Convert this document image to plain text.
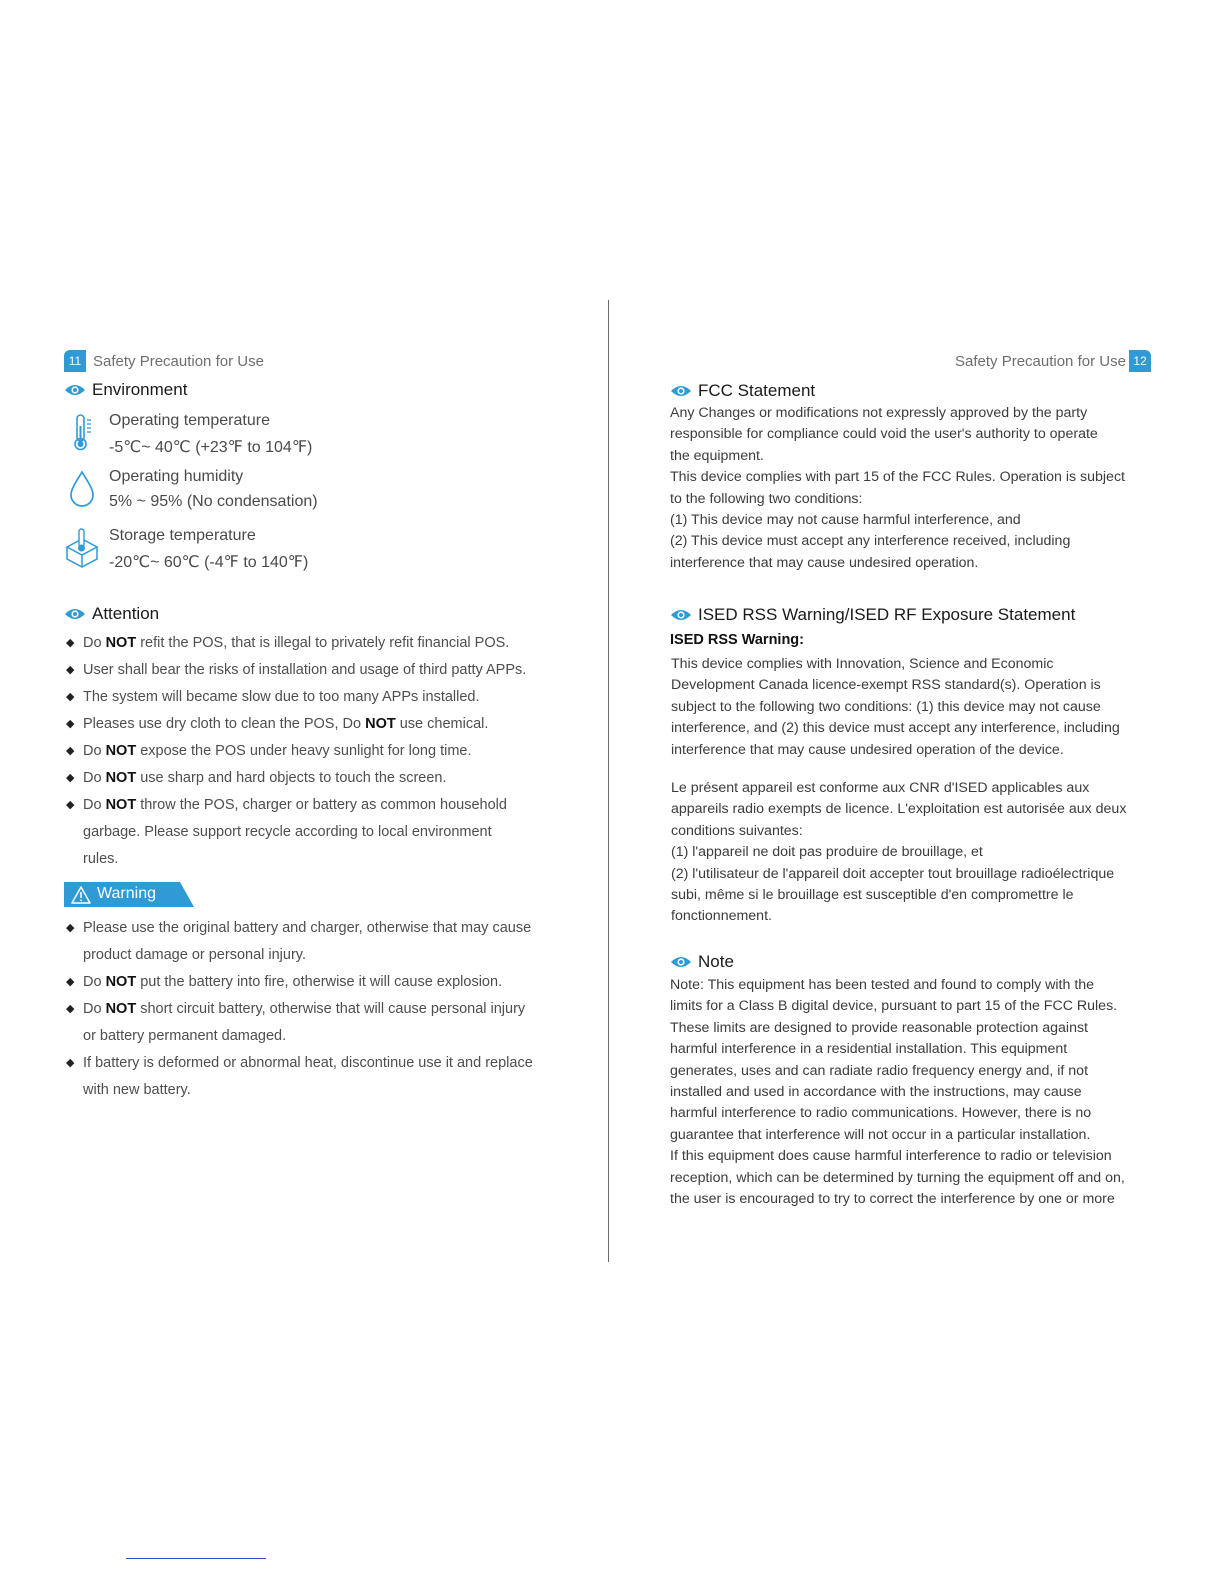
11 Safety Precaution for Use
Environment
Operating temperature
-5℃~ 40℃ (+23℉ to 104℉)
Operating humidity
5% ~ 95% (No condensation)
Storage temperature
-20℃~ 60℃ (-4℉ to 140℉)
Attention
◆ Do NOT refit the POS, that is illegal to privately refit financial POS.
◆ User shall bear the risks of installation and usage of third patty APPs.
◆ The system will became slow due to too many APPs installed.
◆ Pleases use dry cloth to clean the POS, Do NOT use chemical.
◆ Do NOT expose the POS under heavy sunlight for long time.
◆ Do NOT use sharp and hard objects to touch the screen.
◆ Do NOT throw the POS, charger or battery as common household garbage. Please support recycle according to local environment rules.
Warning
◆ Please use the original battery and charger, otherwise that may cause product damage or personal injury.
◆ Do NOT put the battery into fire, otherwise it will cause explosion.
◆ Do NOT short circuit battery, otherwise that will cause personal injury or battery permanent damaged.
◆ If battery is deformed or abnormal heat, discontinue use it and replace with new battery.
Safety Precaution for Use 12
FCC Statement
Any Changes or modifications not expressly approved by the party
responsible for compliance could void the user's authority to operate
the equipment.
This device complies with part 15 of the FCC Rules. Operation is subject
to the following two conditions:
(1) This device may not cause harmful interference, and
(2) This device must accept any interference received, including
interference that may cause undesired operation.
ISED RSS Warning/ISED RF Exposure Statement
ISED RSS Warning:
This device complies with Innovation, Science and Economic
Development Canada licence-exempt RSS standard(s). Operation is
subject to the following two conditions: (1) this device may not cause
interference, and (2) this device must accept any interference, including
interference that may cause undesired operation of the device.
Le présent appareil est conforme aux CNR d'ISED applicables aux
appareils radio exempts de licence. L'exploitation est autorisée aux deux
conditions suivantes:
(1) l'appareil ne doit pas produire de brouillage, et
(2) l'utilisateur de l'appareil doit accepter tout brouillage radioélectrique
subi, même si le brouillage est susceptible d'en compromettre le
fonctionnement.
Note
Note: This equipment has been tested and found to comply with the
limits for a Class B digital device, pursuant to part 15 of the FCC Rules.
These limits are designed to provide reasonable protection against
harmful interference in a residential installation. This equipment
generates, uses and can radiate radio frequency energy and, if not
installed and used in accordance with the instructions, may cause
harmful interference to radio communications. However, there is no
guarantee that interference will not occur in a particular installation.
If this equipment does cause harmful interference to radio or television
reception, which can be determined by turning the equipment off and on,
the user is encouraged to try to correct the interference by one or more
